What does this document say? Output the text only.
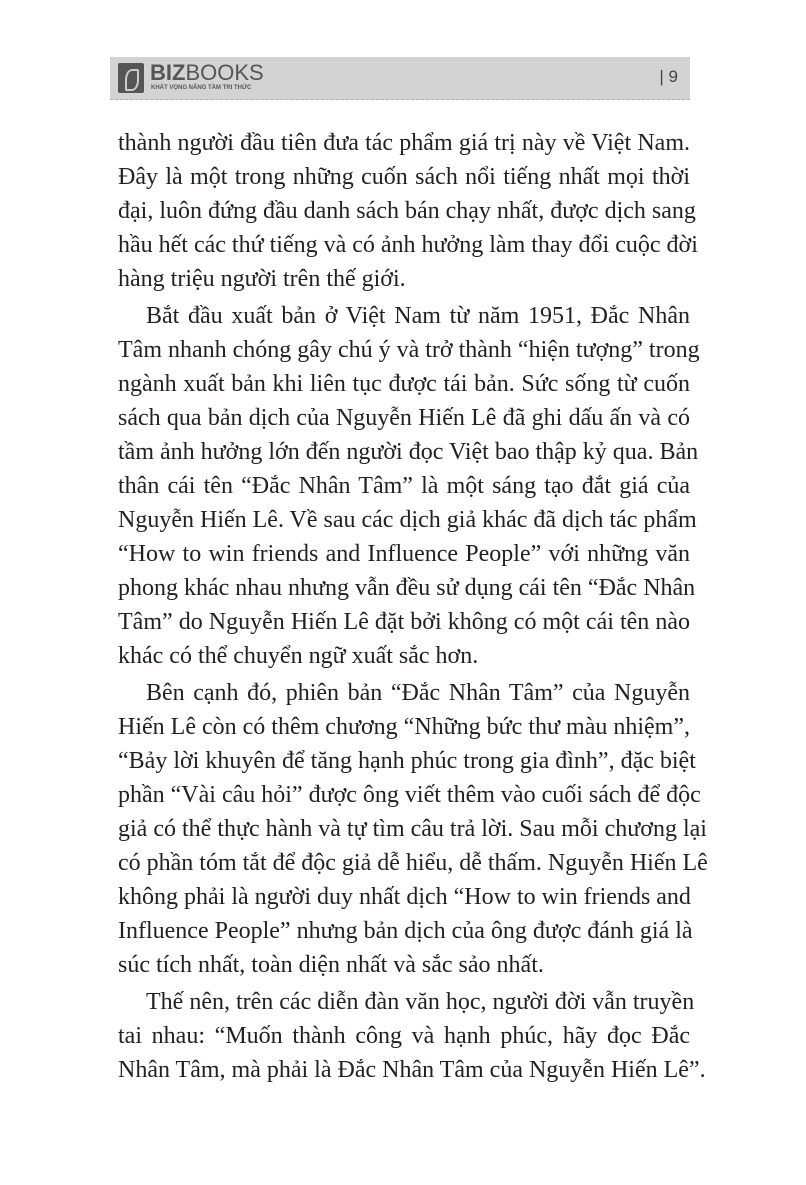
BIZBOOKS
KHÁT VỌNG NÂNG TẦM TRI THỨC
| 9
thành người đầu tiên đưa tác phẩm giá trị này về Việt Nam.
Đây là một trong những cuốn sách nổi tiếng nhất mọi thời
đại, luôn đứng đầu danh sách bán chạy nhất, được dịch sang
hầu hết các thứ tiếng và có ảnh hưởng làm thay đổi cuộc đời
hàng triệu người trên thế giới.
Bắt đầu xuất bản ở Việt Nam từ năm 1951, Đắc Nhân
Tâm nhanh chóng gây chú ý và trở thành “hiện tượng” trong
ngành xuất bản khi liên tục được tái bản. Sức sống từ cuốn
sách qua bản dịch của Nguyễn Hiến Lê đã ghi dấu ấn và có
tầm ảnh hưởng lớn đến người đọc Việt bao thập kỷ qua. Bản
thân cái tên “Đắc Nhân Tâm” là một sáng tạo đắt giá của
Nguyễn Hiến Lê. Về sau các dịch giả khác đã dịch tác phẩm
“How to win friends and Influence People” với những văn
phong khác nhau nhưng vẫn đều sử dụng cái tên “Đắc Nhân
Tâm” do Nguyễn Hiến Lê đặt bởi không có một cái tên nào
khác có thể chuyển ngữ xuất sắc hơn.
Bên cạnh đó, phiên bản “Đắc Nhân Tâm” của Nguyễn
Hiến Lê còn có thêm chương “Những bức thư màu nhiệm”,
“Bảy lời khuyên để tăng hạnh phúc trong gia đình”, đặc biệt
phần “Vài câu hỏi” được ông viết thêm vào cuối sách để độc
giả có thể thực hành và tự tìm câu trả lời. Sau mỗi chương lại
có phần tóm tắt để độc giả dễ hiểu, dễ thấm. Nguyễn Hiến Lê
không phải là người duy nhất dịch “How to win friends and
Influence People” nhưng bản dịch của ông được đánh giá là
súc tích nhất, toàn diện nhất và sắc sảo nhất.
Thế nên, trên các diễn đàn văn học, người đời vẫn truyền
tai nhau: “Muốn thành công và hạnh phúc, hãy đọc Đắc
Nhân Tâm, mà phải là Đắc Nhân Tâm của Nguyễn Hiến Lê”.
